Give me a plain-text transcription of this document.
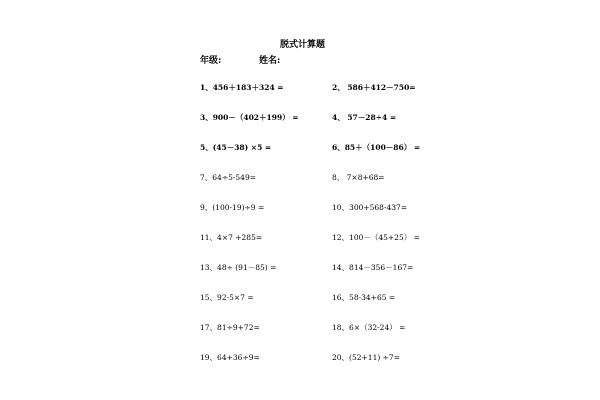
脱式计算题
年级:	姓名:
1、456＋183＋324 =	2、 586＋412－750=
3、900－（402＋199） =	4、 57－28÷4 =
5、(45－38) ×5 =	6、85＋（100－86） =
7、64÷5-549=	8、 7×8+68=
9、(100-19)÷9 =	10、300+568-437=
11、4×7 +285=	12、100－（45+25） =
13、48÷ (91－85) =	14、814－356－167=
15、92-5×7 =	16、58-34+65 =
17、81÷9+72=	18、6×（32-24） =
19、64+36÷9=	20、(52+11) ÷7=
